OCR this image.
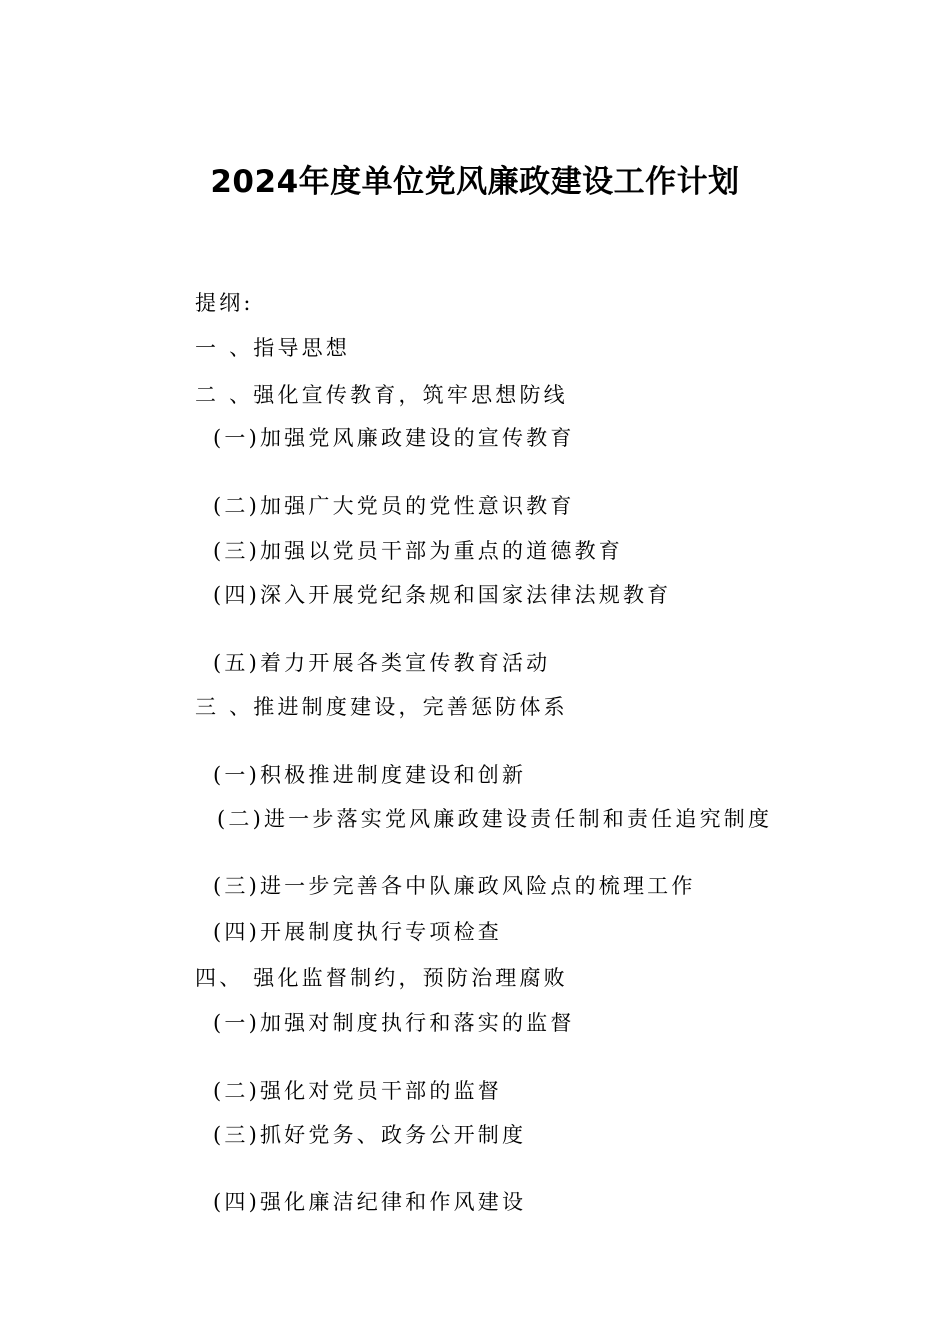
2024年度单位党风廉政建设工作计划
提纲:
一 、指导思想
二 、强化宣传教育，筑牢思想防线
(一)加强党风廉政建设的宣传教育
(二)加强广大党员的党性意识教育
(三)加强以党员干部为重点的道德教育
(四)深入开展党纪条规和国家法律法规教育
(五)着力开展各类宣传教育活动
三 、推进制度建设，完善惩防体系
(一)积极推进制度建设和创新
(二)进一步落实党风廉政建设责任制和责任追究制度
(三)进一步完善各中队廉政风险点的梳理工作
(四)开展制度执行专项检查
四、 强化监督制约，预防治理腐败
(一)加强对制度执行和落实的监督
(二)强化对党员干部的监督
(三)抓好党务、政务公开制度
(四)强化廉洁纪律和作风建设
